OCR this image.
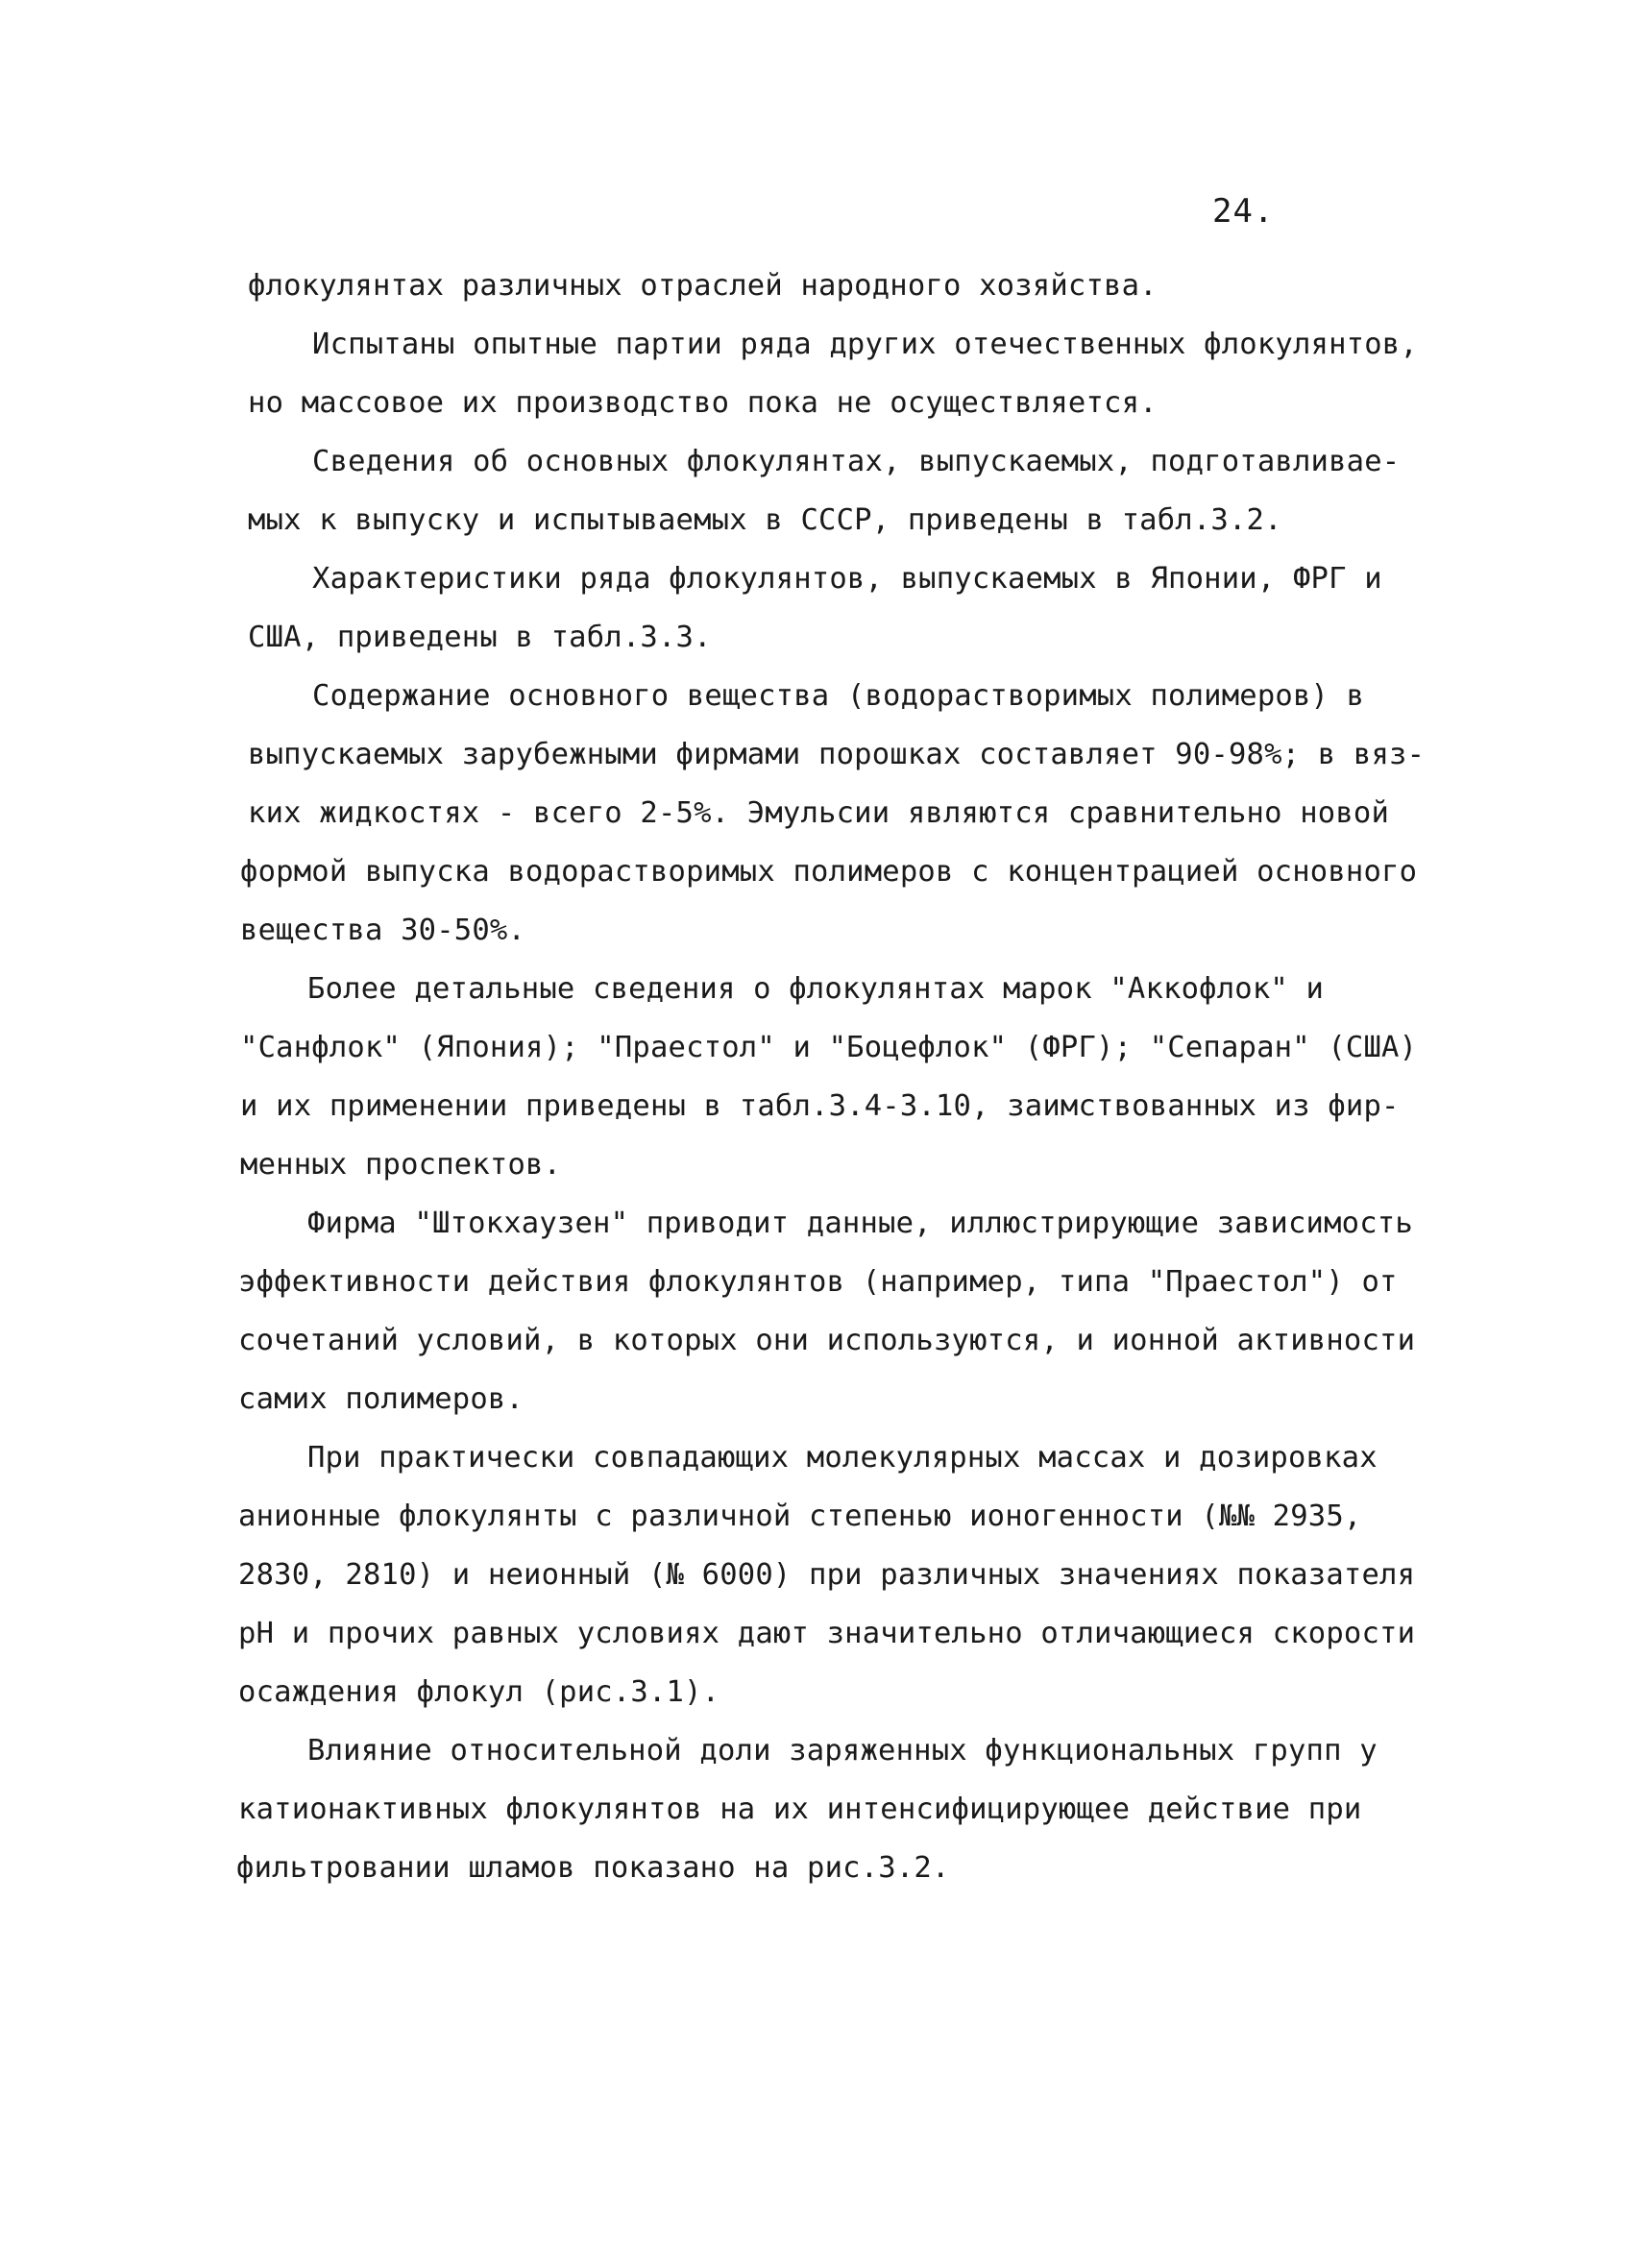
24.
флокулянтах различных отраслей народного хозяйства.
Испытаны опытные партии ряда других отечественных флокулянтов,
но массовое их производство пока не осуществляется.
Сведения об основных флокулянтах, выпускаемых, подготавливае-
мых к выпуску и испытываемых в СССР, приведены в табл.3.2.
Характеристики ряда флокулянтов, выпускаемых в Японии, ФРГ и
США, приведены в табл.3.3.
Содержание основного вещества (водорастворимых полимеров) в
выпускаемых зарубежными фирмами порошках составляет 90-98%; в вяз-
ких жидкостях - всего 2-5%. Эмульсии являются сравнительно новой
формой выпуска водорастворимых полимеров с концентрацией основного
вещества 30-50%.
Более детальные сведения о флокулянтах марок "Аккофлок" и
"Санфлок" (Япония); "Праестол" и "Боцефлок" (ФРГ); "Сепаран" (США)
и их применении приведены в табл.3.4-3.10, заимствованных из фир-
менных проспектов.
Фирма "Штокхаузен" приводит данные, иллюстрирующие зависимость
эффективности действия флокулянтов (например, типа "Праестол") от
сочетаний условий, в которых они используются, и ионной активности
самих полимеров.
При практически совпадающих молекулярных массах и дозировках
анионные флокулянты с различной степенью ионогенности (№№ 2935,
2830, 2810) и неионный (№ 6000) при различных значениях показателя
pH и прочих равных условиях дают значительно отличающиеся скорости
осаждения флокул (рис.3.1).
Влияние относительной доли заряженных функциональных групп у
катионактивных флокулянтов на их интенсифицирующее действие при
фильтровании шламов показано на рис.3.2.
